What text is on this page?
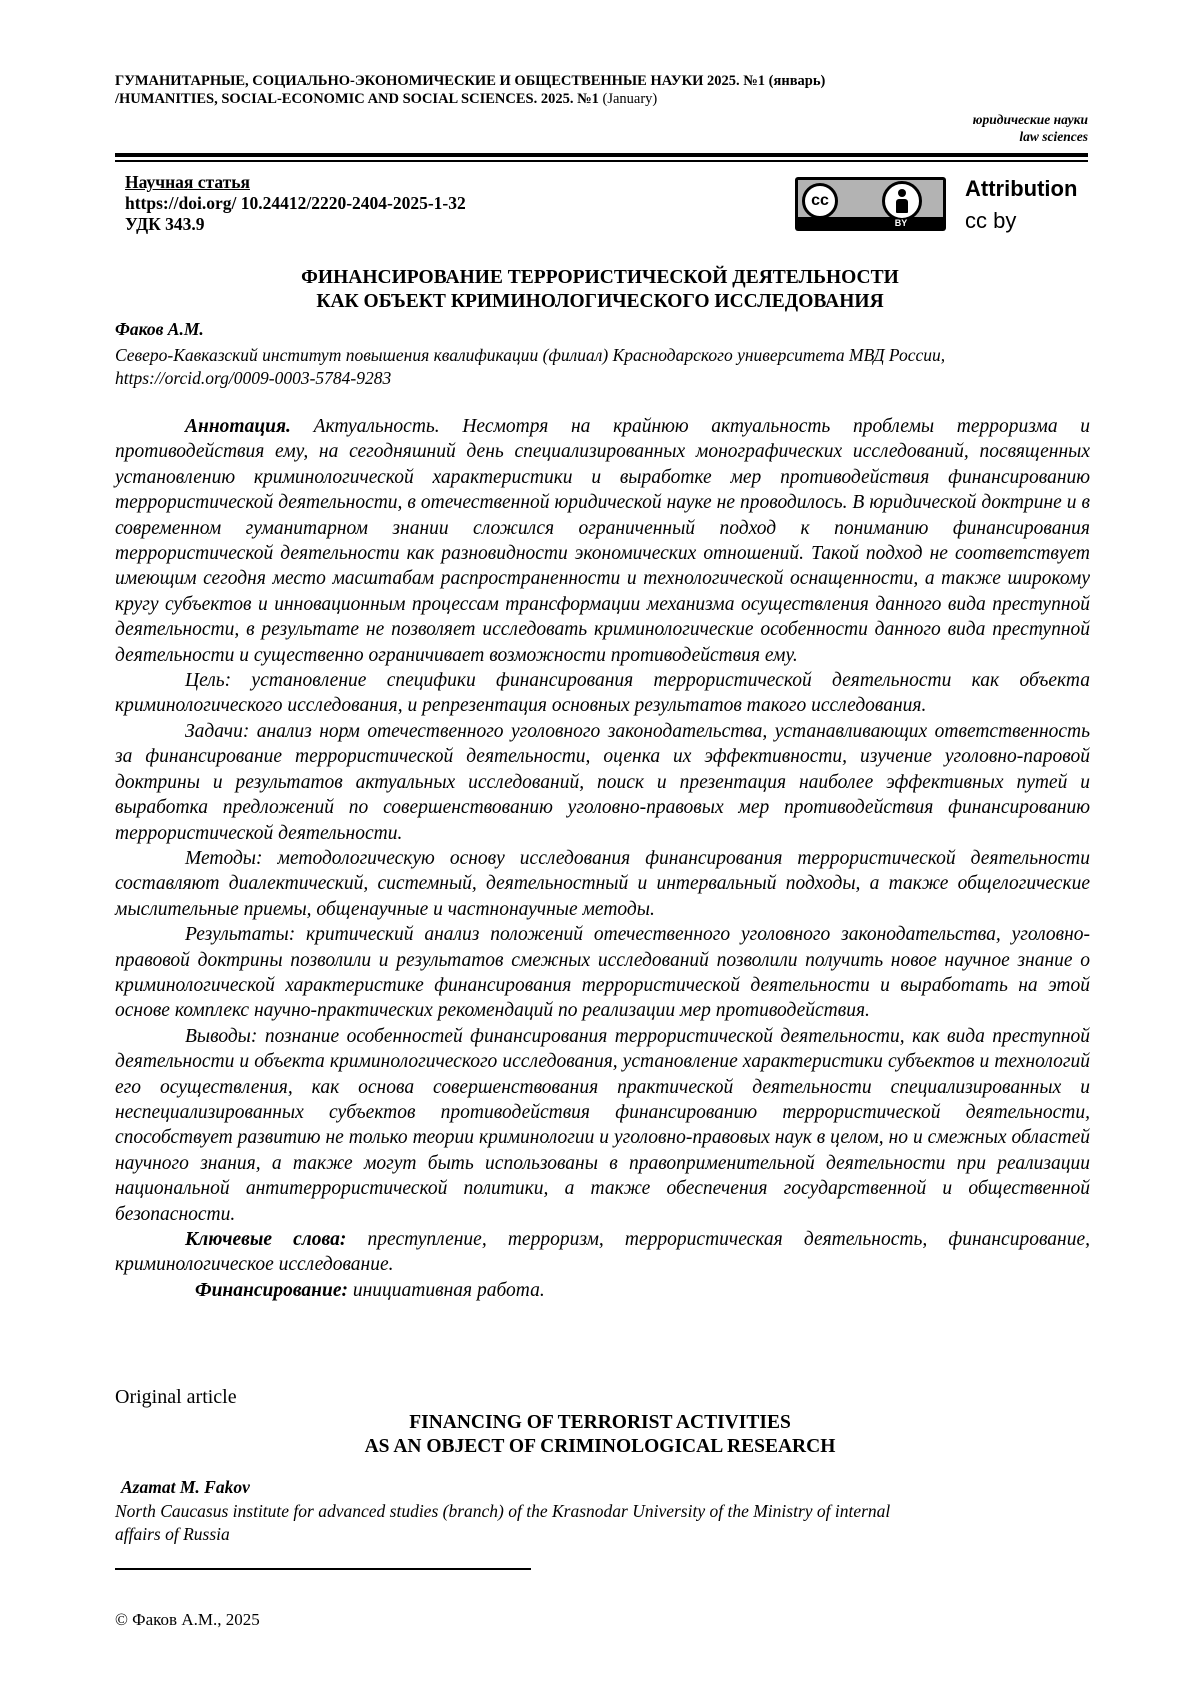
ГУМАНИТАРНЫЕ, СОЦИАЛЬНО-ЭКОНОМИЧЕСКИЕ И ОБЩЕСТВЕННЫЕ НАУКИ 2025. №1 (январь)
/HUMANITIES, SOCIAL-ECONOMIC AND SOCIAL SCIENCES. 2025. №1 (January)
юридические науки
law sciences
Научная статья
https://doi.org/ 10.24412/2220-2404-2025-1-32
УДК 343.9
cc
BY
Attribution
cc by
ФИНАНСИРОВАНИЕ ТЕРРОРИСТИЧЕСКОЙ ДЕЯТЕЛЬНОСТИ
КАК ОБЪЕКТ КРИМИНОЛОГИЧЕСКОГО ИССЛЕДОВАНИЯ
Факов А.М.
Северо-Кавказский институт повышения квалификации (филиал) Краснодарского университета МВД России,
https://orcid.org/0009-0003-5784-9283

Аннотация. Актуальность. Несмотря на крайнюю актуальность проблемы терроризма и противодействия ему, на сегодняшний день специализированных монографических исследований, посвященных установлению криминологической характеристики и выработке мер противодействия финансированию террористической деятельности, в отечественной юридической науке не проводилось. В юридической доктрине и в современном гуманитарном знании сложился ограниченный подход к пониманию финансирования террористической деятельности как разновидности экономических отношений. Такой подход не соответствует имеющим сегодня место масштабам распространенности и технологической оснащенности, а также широкому кругу субъектов и инновационным процессам трансформации механизма осуществления данного вида преступной деятельности, в результате не позволяет исследовать криминологические особенности данного вида преступной деятельности и существенно ограничивает возможности противодействия ему.

Цель: установление специфики финансирования террористической деятельности как объекта криминологического исследования, и репрезентация основных результатов такого исследования.

Задачи: анализ норм отечественного уголовного законодательства, устанавливающих ответственность за финансирование террористической деятельности, оценка их эффективности, изучение уголовно-паровой доктрины и результатов актуальных исследований, поиск и презентация наиболее эффективных путей и выработка предложений по совершенствованию уголовно-правовых мер противодействия финансированию террористической деятельности.

Методы: методологическую основу исследования финансирования террористической деятельности составляют диалектический, системный, деятельностный и интервальный подходы, а также общелогические мыслительные приемы, общенаучные и частнонаучные методы.

Результаты: критический анализ положений отечественного уголовного законодательства, уголовно-правовой доктрины позволили и результатов смежных исследований позволили получить новое научное знание о криминологической характеристике финансирования террористической деятельности и выработать на этой основе комплекс научно-практических рекомендаций по реализации мер противодействия.

Выводы: познание особенностей финансирования террористической деятельности, как вида преступной деятельности и объекта криминологического исследования, установление характеристики субъектов и технологий его осуществления, как основа совершенствования практической деятельности специализированных и неспециализированных субъектов противодействия финансированию террористической деятельности, способствует развитию не только теории криминологии и уголовно-правовых наук в целом, но и смежных областей научного знания, а также могут быть использованы в правоприменительной деятельности при реализации национальной антитеррористической политики, а также обеспечения государственной и общественной безопасности.

Ключевые слова: преступление, терроризм, террористическая деятельность, финансирование, криминологическое исследование.

Финансирование: инициативная работа.

Original article
FINANCING OF TERRORIST ACTIVITIES
AS AN OBJECT OF CRIMINOLOGICAL RESEARCH
Azamat M. Fakov
North Caucasus institute for advanced studies (branch) of the Krasnodar University of the Ministry of internal affairs of Russia
© Факов А.М., 2025
